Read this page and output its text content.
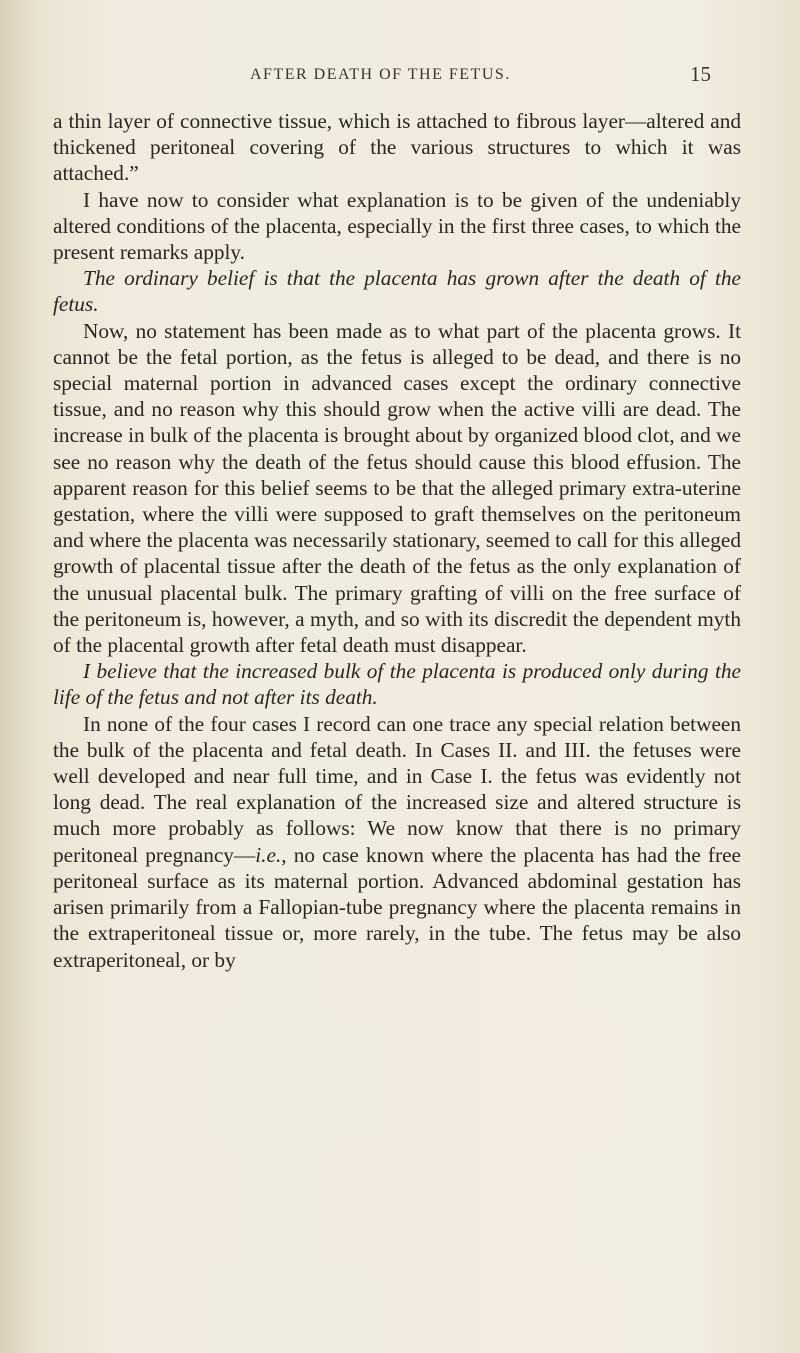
AFTER DEATH OF THE FETUS.	15

a thin layer of connective tissue, which is attached to fibrous layer—altered and thickened peritoneal covering of the various structures to which it was attached.”

I have now to consider what explanation is to be given of the undeniably altered conditions of the placenta, especially in the first three cases, to which the present remarks apply.

The ordinary belief is that the placenta has grown after the death of the fetus.

Now, no statement has been made as to what part of the placenta grows. It cannot be the fetal portion, as the fetus is alleged to be dead, and there is no special maternal portion in advanced cases except the ordinary connective tissue, and no reason why this should grow when the active villi are dead. The increase in bulk of the placenta is brought about by organized blood clot, and we see no reason why the death of the fetus should cause this blood effusion. The apparent reason for this belief seems to be that the alleged primary extra-uterine gestation, where the villi were supposed to graft themselves on the peritoneum and where the placenta was necessarily stationary, seemed to call for this alleged growth of placental tissue after the death of the fetus as the only explanation of the unusual placental bulk. The primary grafting of villi on the free surface of the peritoneum is, however, a myth, and so with its discredit the dependent myth of the placental growth after fetal death must disappear.

I believe that the increased bulk of the placenta is produced only during the life of the fetus and not after its death.

In none of the four cases I record can one trace any special relation between the bulk of the placenta and fetal death. In Cases II. and III. the fetuses were well developed and near full time, and in Case I. the fetus was evidently not long dead. The real explanation of the increased size and altered structure is much more probably as follows: We now know that there is no primary peritoneal pregnancy—i.e., no case known where the placenta has had the free peritoneal surface as its maternal portion. Advanced abdominal gestation has arisen primarily from a Fallopian-tube pregnancy where the placenta remains in the extraperitoneal tissue or, more rarely, in the tube. The fetus may be also extraperitoneal, or by
